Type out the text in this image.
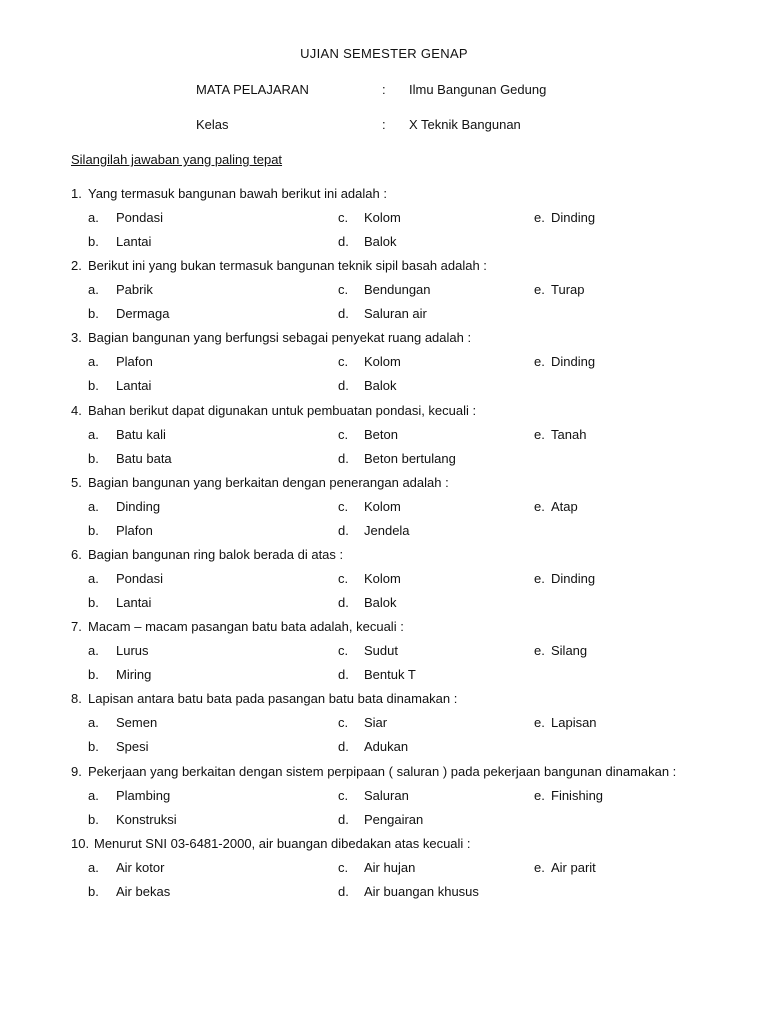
UJIAN SEMESTER GENAP
MATA PELAJARAN	: Ilmu Bangunan Gedung
Kelas	: X Teknik Bangunan
Silangilah jawaban yang paling tepat
1. Yang termasuk bangunan bawah berikut ini adalah :
a. Pondasi	c. Kolom	e. Dinding
b. Lantai	d. Balok
2. Berikut ini yang bukan termasuk bangunan teknik sipil basah adalah :
a. Pabrik	c. Bendungan	e. Turap
b. Dermaga	d. Saluran air
3. Bagian bangunan yang berfungsi sebagai penyekat ruang adalah :
a. Plafon	c. Kolom	e. Dinding
b. Lantai	d. Balok
4. Bahan berikut dapat digunakan untuk pembuatan pondasi, kecuali :
a. Batu kali	c. Beton	e. Tanah
b. Batu bata	d. Beton bertulang
5. Bagian bangunan yang berkaitan dengan penerangan adalah :
a. Dinding	c. Kolom	e. Atap
b. Plafon	d. Jendela
6. Bagian bangunan ring balok berada di atas :
a. Pondasi	c. Kolom	e. Dinding
b. Lantai	d. Balok
7. Macam – macam pasangan batu bata adalah, kecuali :
a. Lurus	c. Sudut	e. Silang
b. Miring	d. Bentuk T
8. Lapisan antara batu bata pada pasangan batu bata dinamakan :
a. Semen	c. Siar	e. Lapisan
b. Spesi	d. Adukan
9. Pekerjaan yang berkaitan dengan sistem perpipaan ( saluran ) pada pekerjaan bangunan dinamakan :
a. Plambing	c. Saluran	e. Finishing
b. Konstruksi	d. Pengairan
10. Menurut SNI 03-6481-2000, air buangan dibedakan atas kecuali :
a. Air kotor	c. Air hujan	e. Air parit
b. Air bekas	d. Air buangan khusus
